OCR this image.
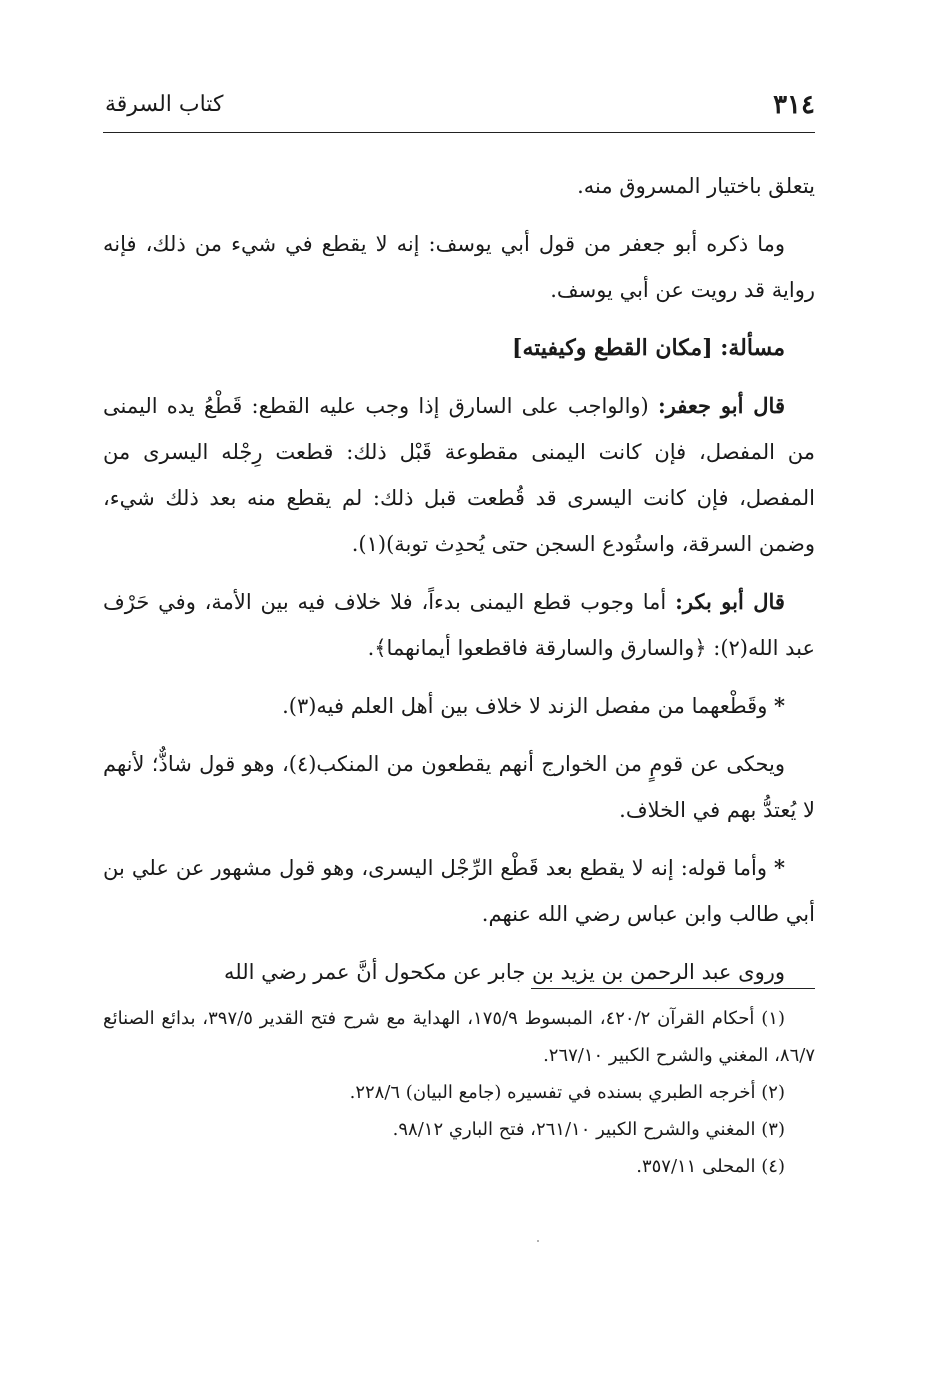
٣١٤
كتاب السرقة

يتعلق باختيار المسروق منه.

وما ذكره أبو جعفر من قول أبي يوسف: إنه لا يقطع في شيء من ذلك، فإنه رواية قد رويت عن أبي يوسف.

مسألة: [مكان القطع وكيفيته]

قال أبو جعفر: (والواجب على السارق إذا وجب عليه القطع: قَطْعُ يده اليمنى من المفصل، فإن كانت اليمنى مقطوعة قَبْل ذلك: قطعت رِجْله اليسرى من المفصل، فإن كانت اليسرى قد قُطعت قبل ذلك: لم يقطع منه بعد ذلك شيء، وضمن السرقة، واستُودع السجن حتى يُحدِث توبة)(١).

قال أبو بكر: أما وجوب قطع اليمنى بدءاً، فلا خلاف فيه بين الأمة، وفي حَرْف عبد الله(٢): ﴿والسارق والسارقة فاقطعوا أيمانهما﴾.

* وقَطْعهما من مفصل الزند لا خلاف بين أهل العلم فيه(٣).

ويحكى عن قومٍ من الخوارج أنهم يقطعون من المنكب(٤)، وهو قول شاذٌّ؛ لأنهم لا يُعتدُّ بهم في الخلاف.

* وأما قوله: إنه لا يقطع بعد قَطْع الرِّجْل اليسرى، وهو قول مشهور عن علي بن أبي طالب وابن عباس رضي الله عنهم.

وروى عبد الرحمن بن يزيد بن جابر عن مكحول أنَّ عمر رضي الله

(١) أحكام القرآن ٤٢٠/٢، المبسوط ١٧٥/٩، الهداية مع شرح فتح القدير ٣٩٧/٥، بدائع الصنائع ٨٦/٧، المغني والشرح الكبير ٢٦٧/١٠.

(٢) أخرجه الطبري بسنده في تفسيره (جامع البيان) ٢٢٨/٦.

(٣) المغني والشرح الكبير ٢٦١/١٠، فتح الباري ٩٨/١٢.

(٤) المحلى ٣٥٧/١١.
